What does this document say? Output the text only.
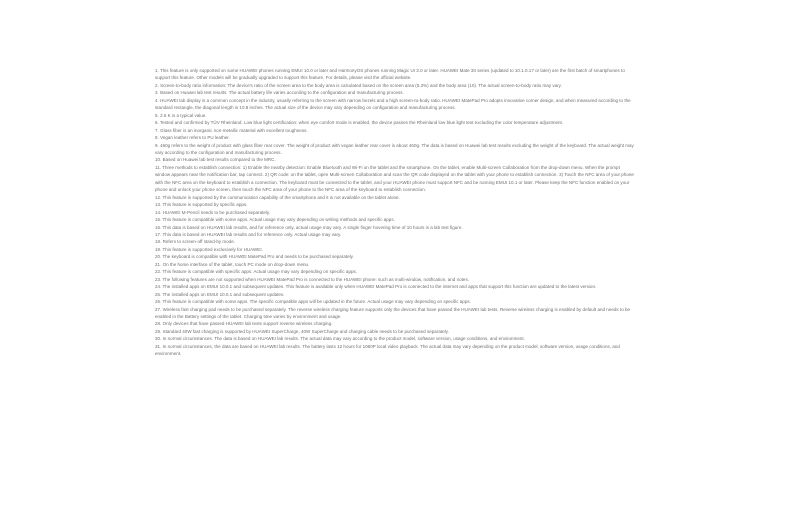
1. This feature is only supported on some HUAWEI phones running EMUI 10.0 or later and HarmonyOS phones running Magic UI 3.0 or later. HUAWEI Mate 30 series (updated to 10.1.0.17 or later) are the first batch of smartphones to support this feature. Other models will be gradually upgraded to support this feature. For details, please visit the official website.
2. Screen-to-body ratio information: The device's ratio of the screen area to the body area is calculated based on the screen area (5.3%) and the body area (10). The actual screen-to-body ratio may vary.
3. Based on Huawei lab test results. The actual battery life varies according to the configuration and manufacturing process.
4. HUAWEI lab display is a common concept in the industry, usually referring to the screen with narrow bezels and a high screen-to-body ratio. HUAWEI MatePad Pro adopts innovative corner design, and when measured according to the standard rectangle, the diagonal length is 10.8 inches. The actual size of the device may vary depending on configuration and manufacturing process.
5. 2.5 K is a typical value.
6. Tested and confirmed by TÜV Rheinland. Low blue light certification: when eye comfort mode is enabled, the device passes the Rheinland low blue light test excluding the color temperature adjustment.
7. Glass fiber is an inorganic non-metallic material with excellent toughness.
8. Vegan leather refers to PU leather.
9. 460g refers to the weight of product with glass fiber rear cover. The weight of product with vegan leather rear cover is about 460g. The data is based on Huawei lab test results excluding the weight of the keyboard. The actual weight may vary according to the configuration and manufacturing process.
10. Based on Huawei lab test results compared to the MRC.
11. Three methods to establish connection: 1) Enable the nearby detection: Enable Bluetooth and Wi-Fi on the tablet and the smartphone. On the tablet, enable Multi-screen Collaboration from the drop-down menu. When the prompt window appears near the notification bar, tap connect. 2) QR code: on the tablet, open Multi-screen Collaboration and scan the QR code displayed on the tablet with your phone to establish connection. 3) Touch the NFC area of your phone with the NFC area on the keyboard to establish a connection. The keyboard must be connected to the tablet, and your HUAWEI phone must support NFC and be running EMUI 10.1 or later. Please keep the NFC function enabled on your phone and unlock your phone screen, then touch the NFC area of your phone to the NFC area of the keyboard to establish connection.
12. This feature is supported by the communication capability of the smartphone and it is not available on the tablet alone.
13. This feature is supported by specific apps.
14. HUAWEI M-Pencil needs to be purchased separately.
15. This feature is compatible with some apps. Actual usage may vary depending on writing methods and specific apps.
16. This data is based on HUAWEI lab results, and for reference only, actual usage may vary. A single finger hovering time of 10 hours is a lab test figure.
17. This data is based on HUAWEI lab results and for reference only. Actual usage may vary.
18. Refers to screen-off stand-by mode.
19. This feature is supported exclusively for HUAWEI.
20. The keyboard is compatible with HUAWEI MatePad Pro and needs to be purchased separately.
21. On the home interface of the tablet, touch PC mode on drop-down menu.
22. This feature is compatible with specific apps. Actual usage may vary depending on specific apps.
23. The following features are not supported when HUAWEI MatePad Pro is connected to the HUAWEI phone: such as multi-window, notification, and notes.
24. The installed apps on EMUI 10.0.1 and subsequent updates. This feature is available only when HUAWEI MatePad Pro is connected to the internet and apps that support this function are updated to the latest version.
25. The installed apps on EMUI 10.0.1 and subsequent updates.
26. This feature is compatible with some apps. The specific compatible apps will be updated in the future. Actual usage may vary depending on specific apps.
27. Wireless fast charging pad needs to be purchased separately. The reverse wireless charging feature supports only the devices that have passed the HUAWEI lab tests. Reverse wireless charging is enabled by default and needs to be enabled in the Battery settings of the tablet. Charging time varies by environment and usage.
28. Only devices that have passed HUAWEI lab tests support reverse wireless charging.
29. Standard 40W fast charging is supported by HUAWEI SuperCharge, 40W SuperCharge and charging cable needs to be purchased separately.
30. In normal circumstances. The data is based on HUAWEI lab results. The actual data may vary according to the product model, software version, usage conditions, and environment.
31. In normal circumstances, the data are based on HUAWEI lab results. The battery lasts 12 hours for 1080P local video playback. The actual data may vary depending on the product model, software version, usage conditions, and environment.
